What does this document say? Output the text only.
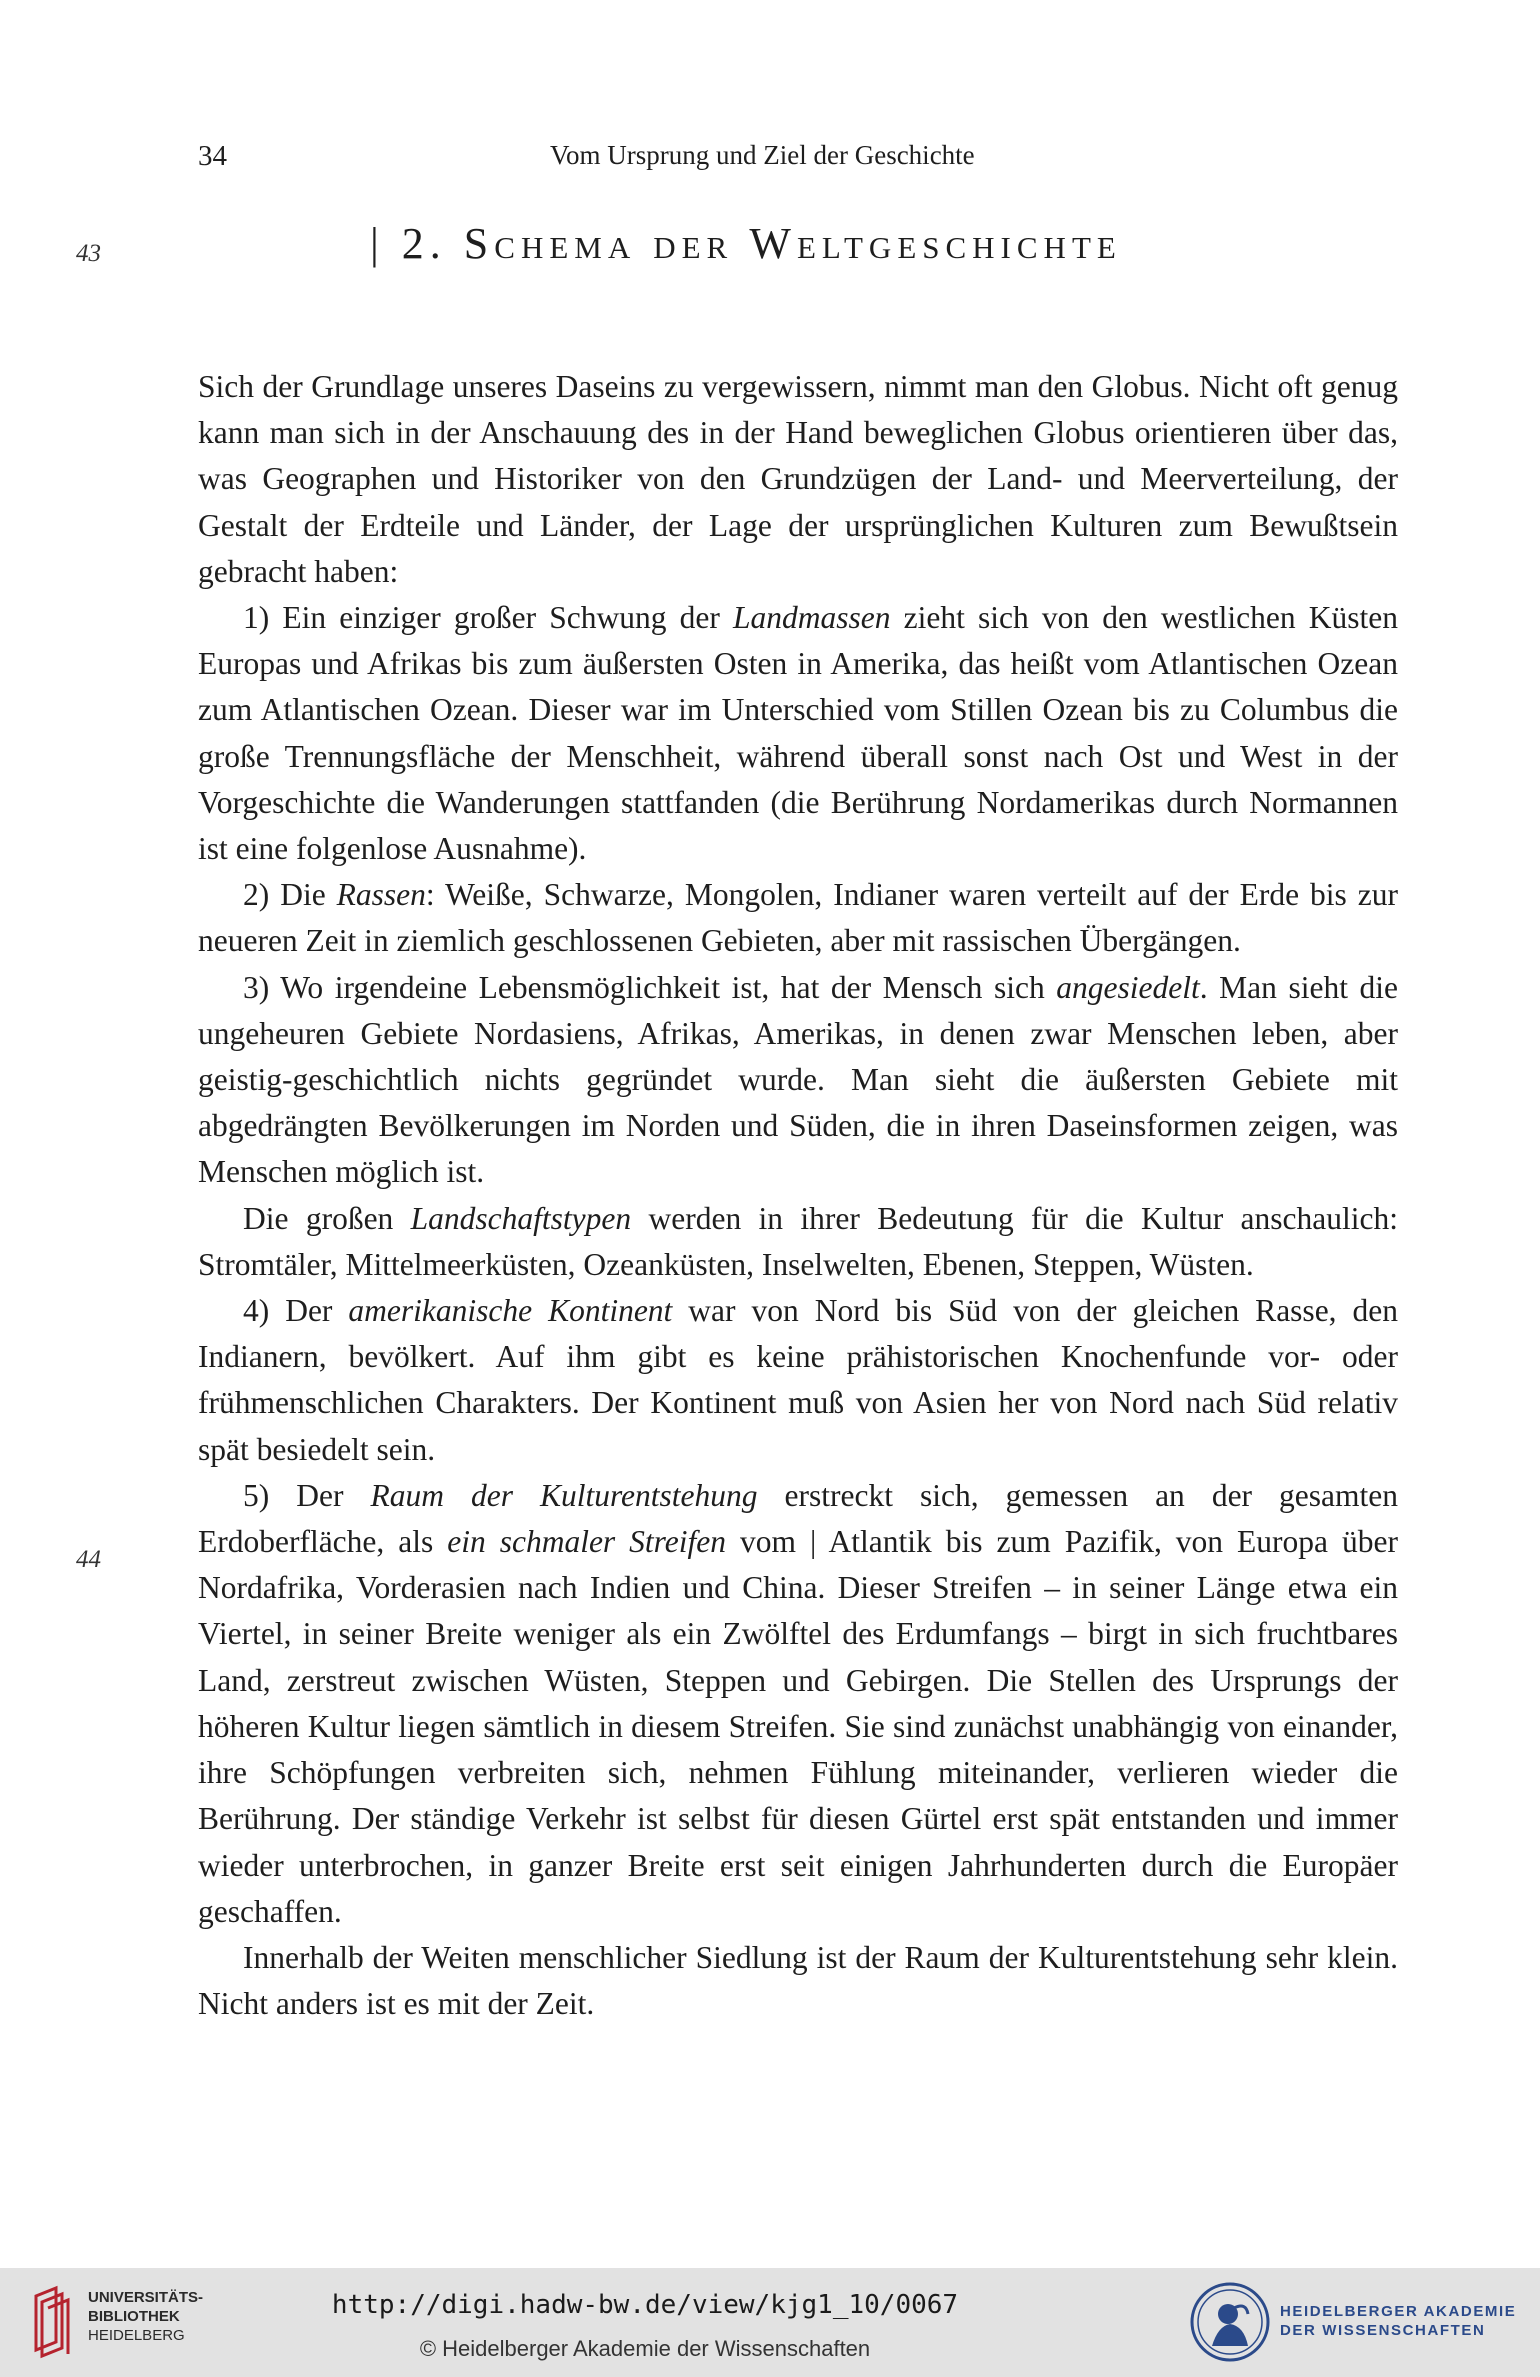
34	Vom Ursprung und Ziel der Geschichte
43
44
| 2. Schema der Weltgeschichte

Sich der Grundlage unseres Daseins zu vergewissern, nimmt man den Globus. Nicht oft genug kann man sich in der Anschauung des in der Hand beweglichen Globus orientieren über das, was Geographen und Historiker von den Grundzügen der Land- und Meerverteilung, der Gestalt der Erdteile und Länder, der Lage der ursprünglichen Kulturen zum Bewußtsein gebracht haben:

1) Ein einziger großer Schwung der Landmassen zieht sich von den westlichen Küsten Europas und Afrikas bis zum äußersten Osten in Amerika, das heißt vom Atlantischen Ozean zum Atlantischen Ozean. Dieser war im Unterschied vom Stillen Ozean bis zu Columbus die große Trennungsfläche der Menschheit, während überall sonst nach Ost und West in der Vorgeschichte die Wanderungen stattfanden (die Berührung Nordamerikas durch Normannen ist eine folgenlose Ausnahme).

2) Die Rassen: Weiße, Schwarze, Mongolen, Indianer waren verteilt auf der Erde bis zur neueren Zeit in ziemlich geschlossenen Gebieten, aber mit rassischen Übergängen.

3) Wo irgendeine Lebensmöglichkeit ist, hat der Mensch sich angesiedelt. Man sieht die ungeheuren Gebiete Nordasiens, Afrikas, Amerikas, in denen zwar Menschen leben, aber geistig-geschichtlich nichts gegründet wurde. Man sieht die äußersten Gebiete mit abgedrängten Bevölkerungen im Norden und Süden, die in ihren Daseinsformen zeigen, was Menschen möglich ist.

Die großen Landschaftstypen werden in ihrer Bedeutung für die Kultur anschaulich: Stromtäler, Mittelmeerküsten, Ozeanküsten, Inselwelten, Ebenen, Steppen, Wüsten.

4) Der amerikanische Kontinent war von Nord bis Süd von der gleichen Rasse, den Indianern, bevölkert. Auf ihm gibt es keine prähistorischen Knochenfunde vor- oder frühmenschlichen Charakters. Der Kontinent muß von Asien her von Nord nach Süd relativ spät besiedelt sein.

5) Der Raum der Kulturentstehung erstreckt sich, gemessen an der gesamten Erdoberfläche, als ein schmaler Streifen vom | Atlantik bis zum Pazifik, von Europa über Nordafrika, Vorderasien nach Indien und China. Dieser Streifen – in seiner Länge etwa ein Viertel, in seiner Breite weniger als ein Zwölftel des Erdumfangs – birgt in sich fruchtbares Land, zerstreut zwischen Wüsten, Steppen und Gebirgen. Die Stellen des Ursprungs der höheren Kultur liegen sämtlich in diesem Streifen. Sie sind zunächst unabhängig von einander, ihre Schöpfungen verbreiten sich, nehmen Fühlung miteinander, verlieren wieder die Berührung. Der ständige Verkehr ist selbst für diesen Gürtel erst spät entstanden und immer wieder unterbrochen, in ganzer Breite erst seit einigen Jahrhunderten durch die Europäer geschaffen.

Innerhalb der Weiten menschlicher Siedlung ist der Raum der Kulturentstehung sehr klein. Nicht anders ist es mit der Zeit.

UNIVERSITÄTS-
BIBLIOTHEK
HEIDELBERG
http://digi.hadw-bw.de/view/kjg1_10/0067
© Heidelberger Akademie der Wissenschaften
HEIDELBERGER AKADEMIE
DER WISSENSCHAFTEN
